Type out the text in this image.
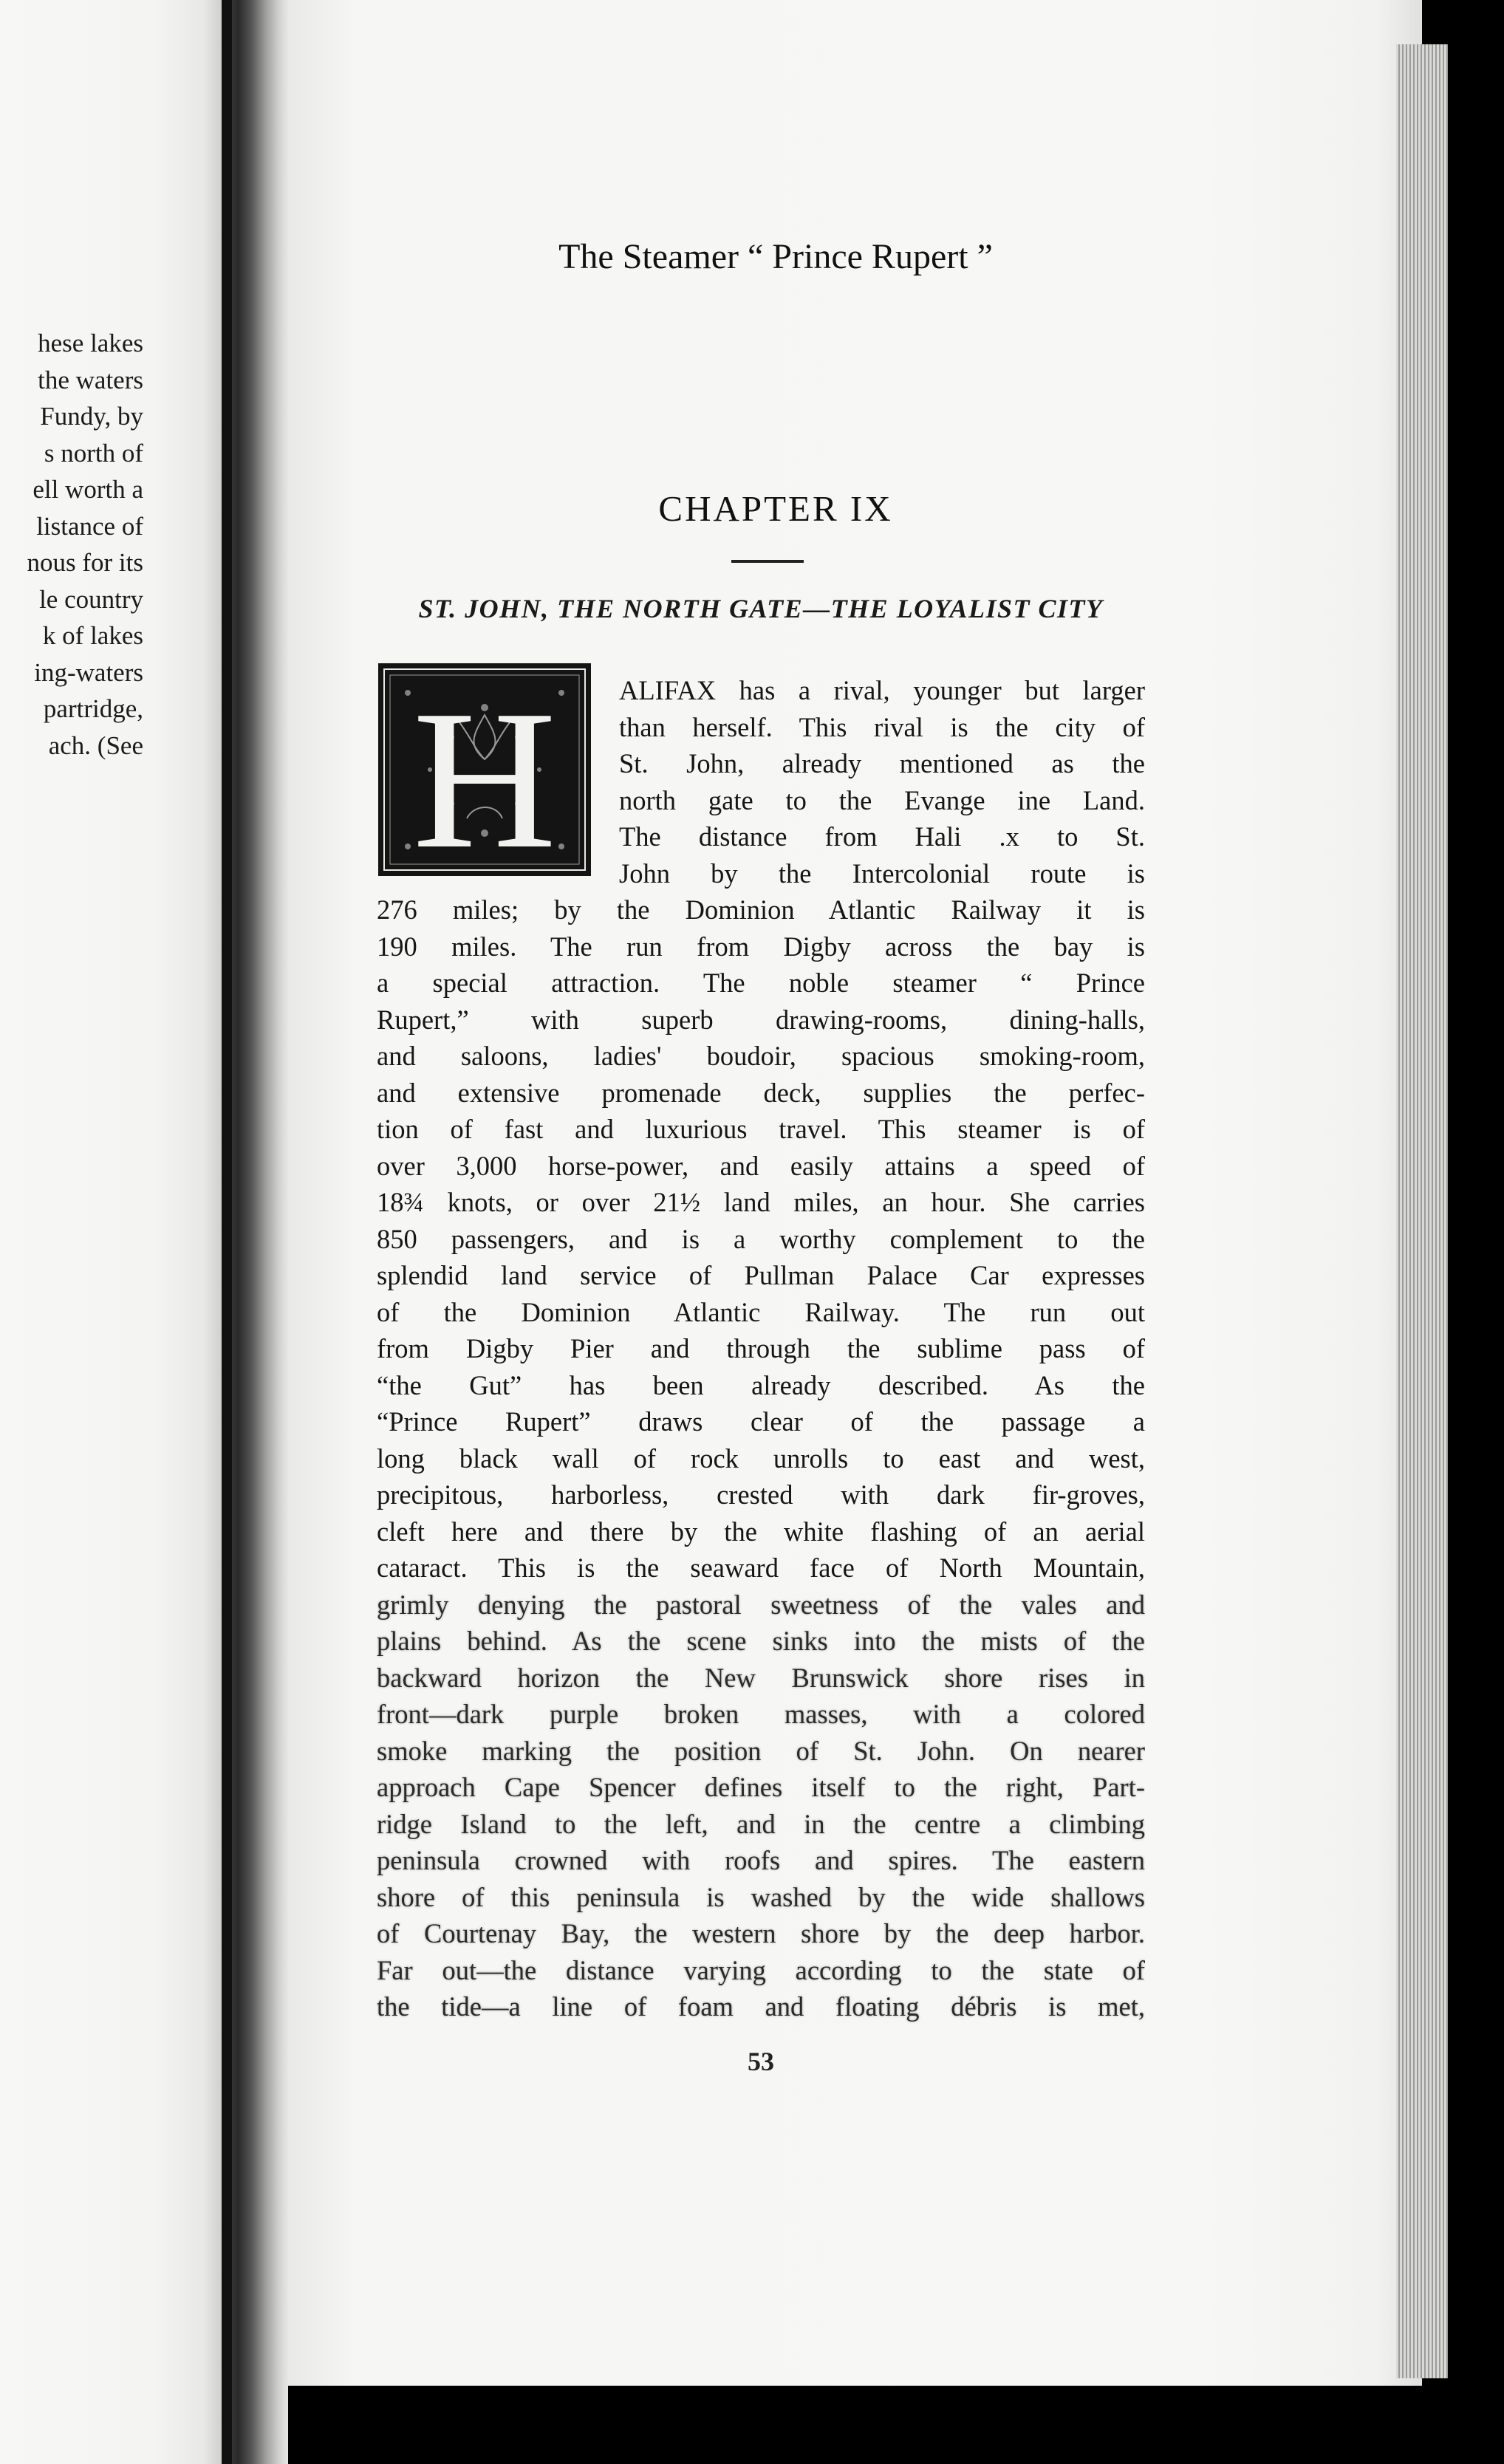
hese lakes
the waters
Fundy, by
s north of
ell worth a
listance of
nous for its
le country
k of lakes
ing-waters
partridge,
ach. (See
The Steamer “ Prince Rupert ”
CHAPTER IX
ST. JOHN, THE NORTH GATE—THE LOYALIST CITY
H	ALIFAX has a rival, younger but larger
than herself. This rival is the city of
St. John, already mentioned as the
north gate to the Evange ine Land.
The distance from Hali .x to St.
John by the Intercolonial route is
276 miles; by the Dominion Atlantic Railway it is
190 miles. The run from Digby across the bay is
a special attraction. The noble steamer “ Prince
Rupert,” with superb drawing-rooms, dining-halls,
and saloons, ladies' boudoir, spacious smoking-room,
and extensive promenade deck, supplies the perfec-
tion of fast and luxurious travel. This steamer is of
over 3,000 horse-power, and easily attains a speed of
18¾ knots, or over 21½ land miles, an hour. She carries
850 passengers, and is a worthy complement to the
splendid land service of Pullman Palace Car expresses
of the Dominion Atlantic Railway. The run out
from Digby Pier and through the sublime pass of
“the Gut” has been already described. As the
“Prince Rupert” draws clear of the passage a
long black wall of rock unrolls to east and west,
precipitous, harborless, crested with dark fir-groves,
cleft here and there by the white flashing of an aerial
cataract. This is the seaward face of North Mountain,
grimly denying the pastoral sweetness of the vales and
plains behind. As the scene sinks into the mists of the
backward horizon the New Brunswick shore rises in
front—dark purple broken masses, with a colored
smoke marking the position of St. John. On nearer
approach Cape Spencer defines itself to the right, Part-
ridge Island to the left, and in the centre a climbing
peninsula crowned with roofs and spires. The eastern
shore of this peninsula is washed by the wide shallows
of Courtenay Bay, the western shore by the deep harbor.
Far out—the distance varying according to the state of
the tide—a line of foam and floating débris is met,
53
